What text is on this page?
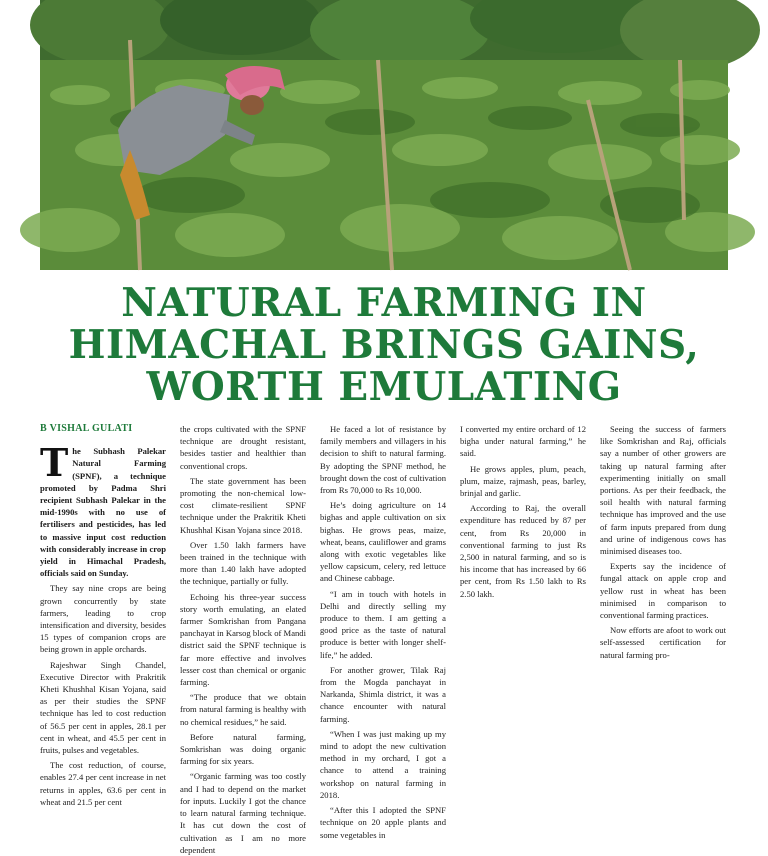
NATURAL FARMING IN
HIMACHAL BRINGS GAINS,
WORTH EMULATING
B VISHAL GULATI

The Subhash Palekar Natural Farming (SPNF), a technique promoted by Padma Shri recipient Subhash Palekar in the mid-1990s with no use of fertilisers and pesticides, has led to massive input cost reduction with considerably increase in crop yield in Himachal Pradesh, officials said on Sunday.

They say nine crops are being grown concurrently by state farmers, leading to crop intensification and diversity, besides 15 types of companion crops are being grown in apple orchards.

Rajeshwar Singh Chandel, Executive Director with Prakritik Kheti Khushhal Kisan Yojana, said as per their studies the SPNF technique has led to cost reduction of 56.5 per cent in apples, 28.1 per cent in wheat, and 45.5 per cent in fruits, pulses and vegetables.

The cost reduction, of course, enables 27.4 per cent increase in net returns in apples, 63.6 per cent in wheat and 21.5 per cent

the crops cultivated with the SPNF technique are drought resistant, besides tastier and healthier than conventional crops.

The state government has been promoting the non-chemical low-cost climate-resilient SPNF technique under the Prakritik Kheti Khushhal Kisan Yojana since 2018.

Over 1.50 lakh farmers have been trained in the technique with more than 1.40 lakh have adopted the technique, partially or fully.

Echoing his three-year success story worth emulating, an elated farmer Somkrishan from Pangana panchayat in Karsog block of Mandi district said the SPNF technique is far more effective and involves lesser cost than chemical or organic farming.

“The produce that we obtain from natural farming is healthy with no chemical residues,” he said.

Before natural farming, Somkrishan was doing organic farming for six years.

“Organic farming was too costly and I had to depend on the market for inputs. Luckily I got the chance to learn natural farming technique. It has cut down the cost of cultivation as I am no more dependent

He faced a lot of resistance by family members and villagers in his decision to shift to natural farming. By adopting the SPNF method, he brought down the cost of cultivation from Rs 70,000 to Rs 10,000.

He’s doing agriculture on 14 bighas and apple cultivation on six bighas. He grows peas, maize, wheat, beans, cauliflower and grams along with exotic vegetables like yellow capsicum, celery, red lettuce and Chinese cabbage.

“I am in touch with hotels in Delhi and directly selling my produce to them. I am getting a good price as the taste of natural produce is better with longer shelf-life,” he added.

For another grower, Tilak Raj from the Mogda panchayat in Narkanda, Shimla district, it was a chance encounter with natural farming.

“When I was just making up my mind to adopt the new cultivation method in my orchard, I got a chance to attend a training workshop on natural farming in 2018.

“After this I adopted the SPNF technique on 20 apple plants and some vegetables in

I converted my entire orchard of 12 bigha under natural farming,” he said.

He grows apples, plum, peach, plum, maize, rajmash, peas, barley, brinjal and garlic.

According to Raj, the overall expenditure has reduced by 87 per cent, from Rs 20,000 in conventional farming to just Rs 2,500 in natural farming, and so is his income that has increased by 66 per cent, from Rs 1.50 lakh to Rs 2.50 lakh.

Seeing the success of farmers like Somkrishan and Raj, officials say a number of other growers are taking up natural farming after experimenting initially on small portions. As per their feedback, the soil health with natural farming technique has improved and the use of farm inputs prepared from dung and urine of indigenous cows has minimised diseases too.

Experts say the incidence of fungal attack on apple crop and yellow rust in wheat has been minimised in comparison to conventional farming practices.

Now efforts are afoot to work out self-assessed certification for natural farming pro-
